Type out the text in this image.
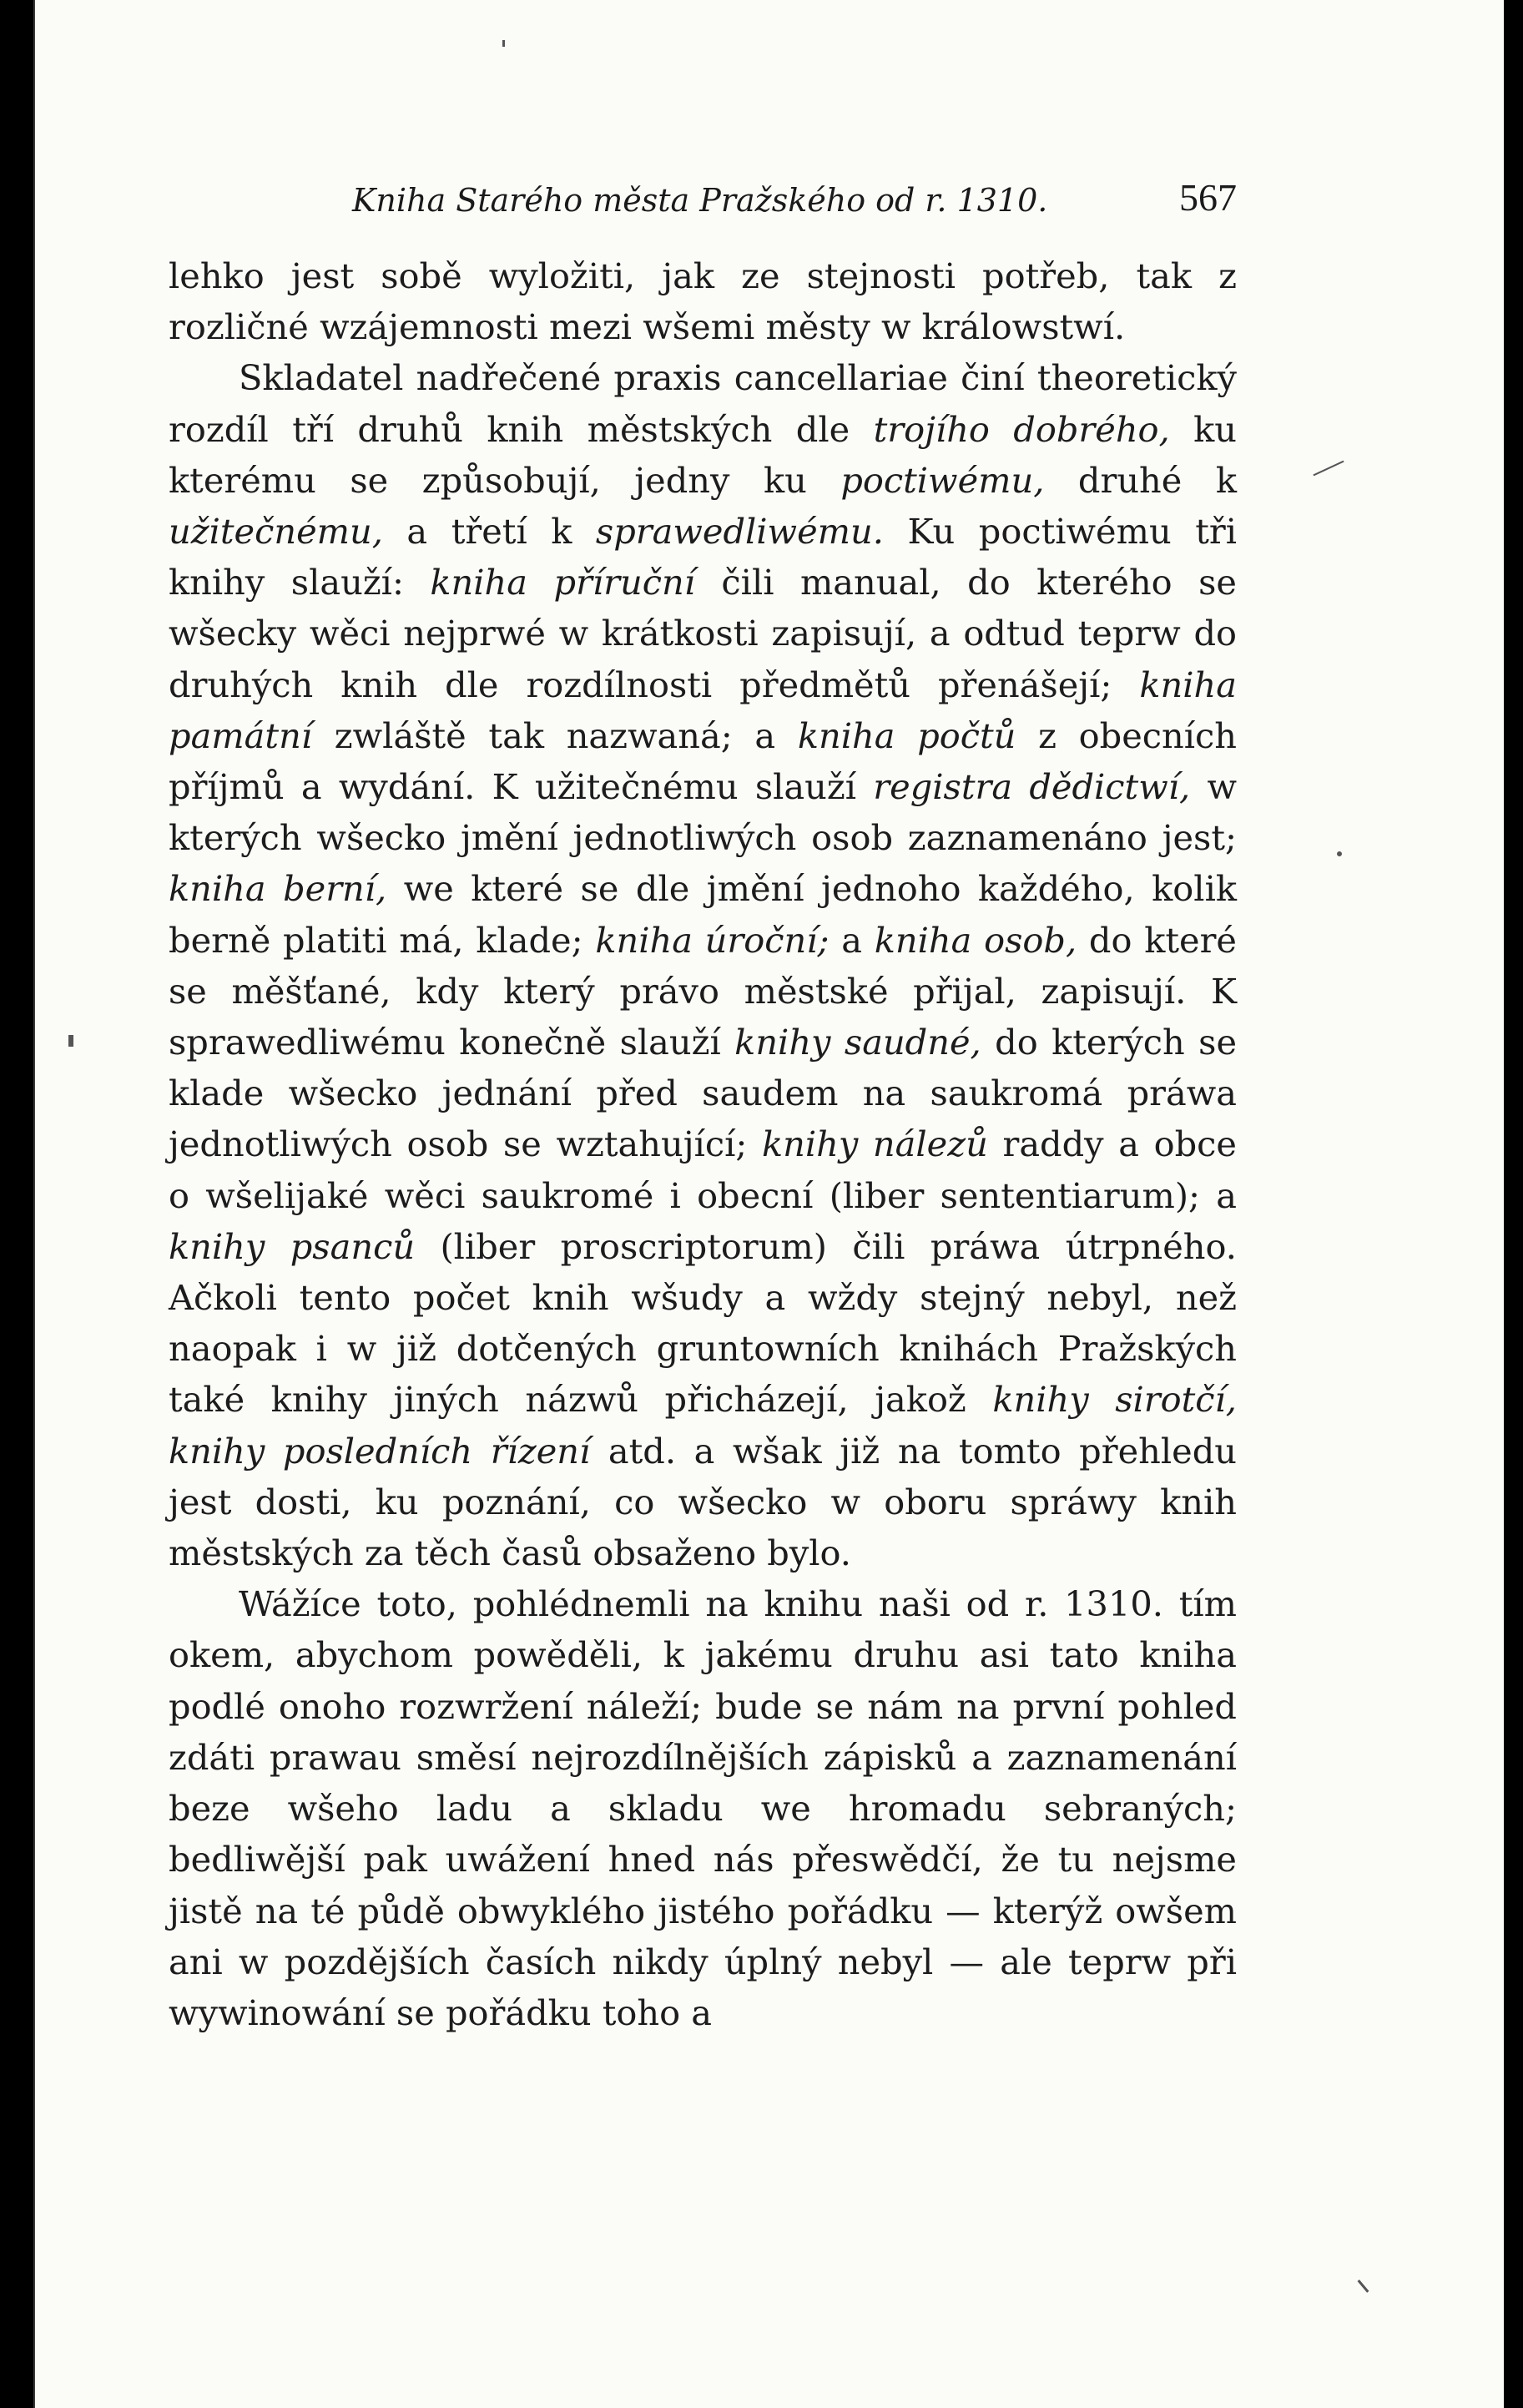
Kniha Starého města Pražského od r. 1310.	567

lehko jest sobě wyložiti, jak ze stejnosti potřeb, tak z rozličné wzájemnosti mezi wšemi městy w králowstwí.

Skladatel nadřečené praxis cancellariae činí theoretický rozdíl tří druhů knih městských dle trojího dobrého, ku kterému se způsobují, jedny ku poctiwému, druhé k užitečnému, a třetí k sprawedliwému. Ku poctiwému tři knihy slauží: kniha příruční čili manual, do kterého se wšecky wěci nejprwé w krátkosti zapisují, a odtud teprw do druhých knih dle rozdílnosti předmětů přenášejí; kniha památní zwláště tak nazwaná; a kniha počtů z obecních příjmů a wydání. K užitečnému slauží registra dědictwí, w kterých wšecko jmění jednotliwých osob zaznamenáno jest; kniha berní, we které se dle jmění jednoho každého, kolik berně platiti má, klade; kniha úroční; a kniha osob, do které se měšťané, kdy který právo městské přijal, zapisují. K sprawedliwému konečně slauží knihy saudné, do kterých se klade wšecko jednání před saudem na saukromá práwa jednotliwých osob se wztahující; knihy nálezů raddy a obce o wšelijaké wěci saukromé i obecní (liber sententiarum); a knihy psanců (liber proscriptorum) čili práwa útrpného. Ačkoli tento počet knih wšudy a wždy stejný nebyl, než naopak i w již dotčených gruntowních knihách Pražských také knihy jiných názwů přicházejí, jakož knihy sirotčí, knihy posledních řízení atd. a wšak již na tomto přehledu jest dosti, ku poznání, co wšecko w oboru spráwy knih městských za těch časů obsaženo bylo.

Wážíce toto, pohlédnemli na knihu naši od r. 1310. tím okem, abychom powěděli, k jakému druhu asi tato kniha podlé onoho rozwržení náleží; bude se nám na první pohled zdáti prawau směsí nejrozdílnějších zápisků a zaznamenání beze wšeho ladu a skladu we hromadu sebraných; bedliwější pak uwážení hned nás přeswědčí, že tu nejsme jistě na té půdě obwyklého jistého pořádku — kterýž owšem ani w pozdějších časích nikdy úplný nebyl — ale teprw při wywinowání se pořádku toho a
